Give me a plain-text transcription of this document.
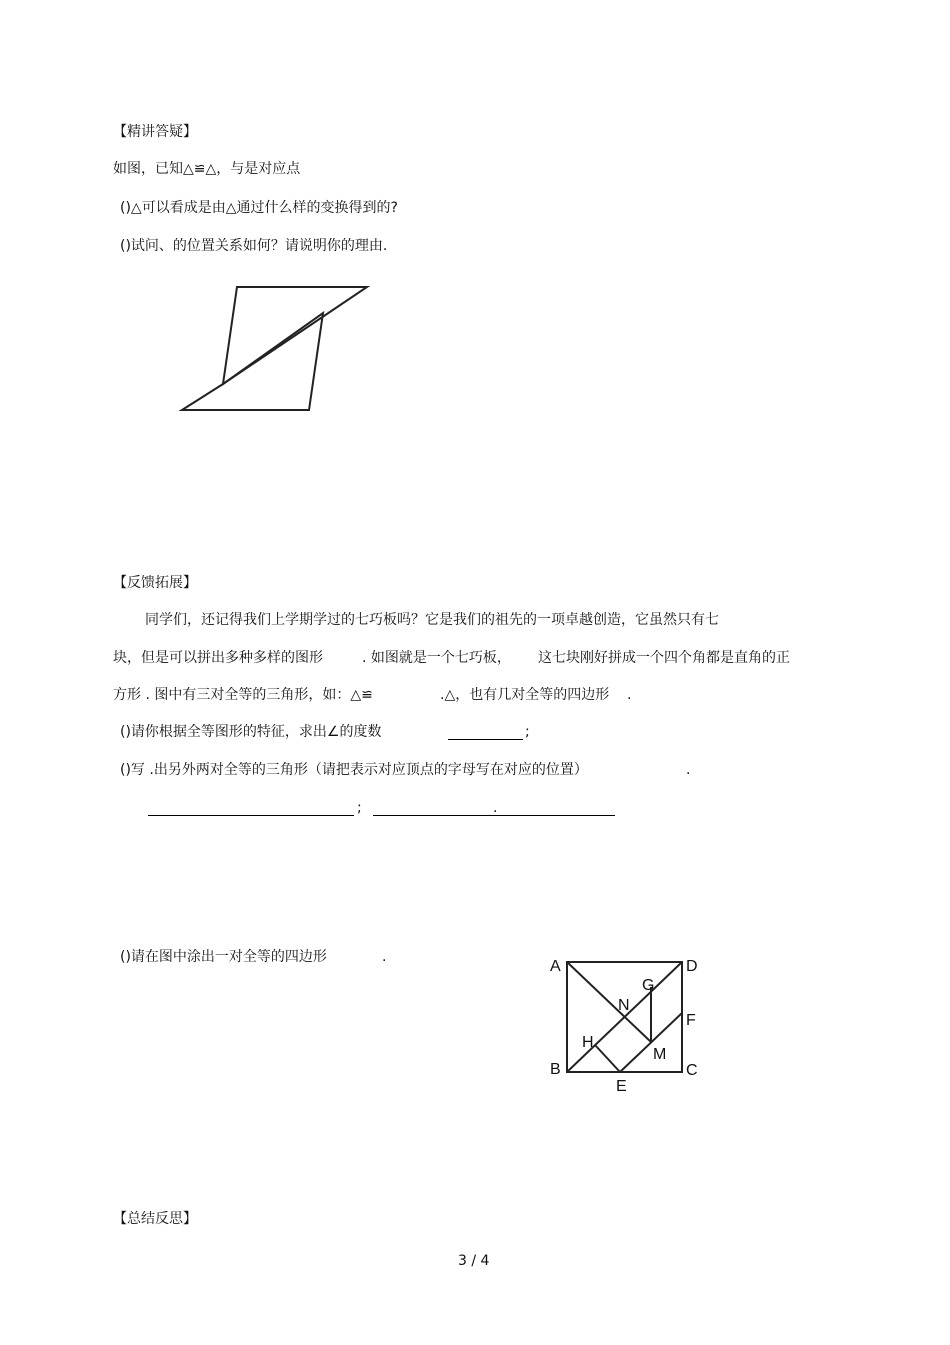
【精讲答疑】
如图，已知△≌△，与是对应点
()△可以看成是由△通过什么样的变换得到的?
()试问、的位置关系如何？请说明你的理由.
【反馈拓展】
同学们，还记得我们上学期学过的七巧板吗？它是我们的祖先的一项卓越创造，它虽然只有七
块，但是可以拼出多种多样的图形	. 如图就是一个七巧板， 这七块刚好拼成一个四个角都是直角的正
方形 . 图中有三对全等的三角形，如：△≌	.△，也有几对全等的四边形 .
()请你根据全等图形的特征，求出∠的度数	;
()写 .出另外两对全等的三角形（请把表示对应顶点的字母写在对应的位置）	.
;	.
()请在图中涂出一对全等的四边形	.
A	D
G
N
F
H
M
B	C
E
【总结反思】
3 / 4
